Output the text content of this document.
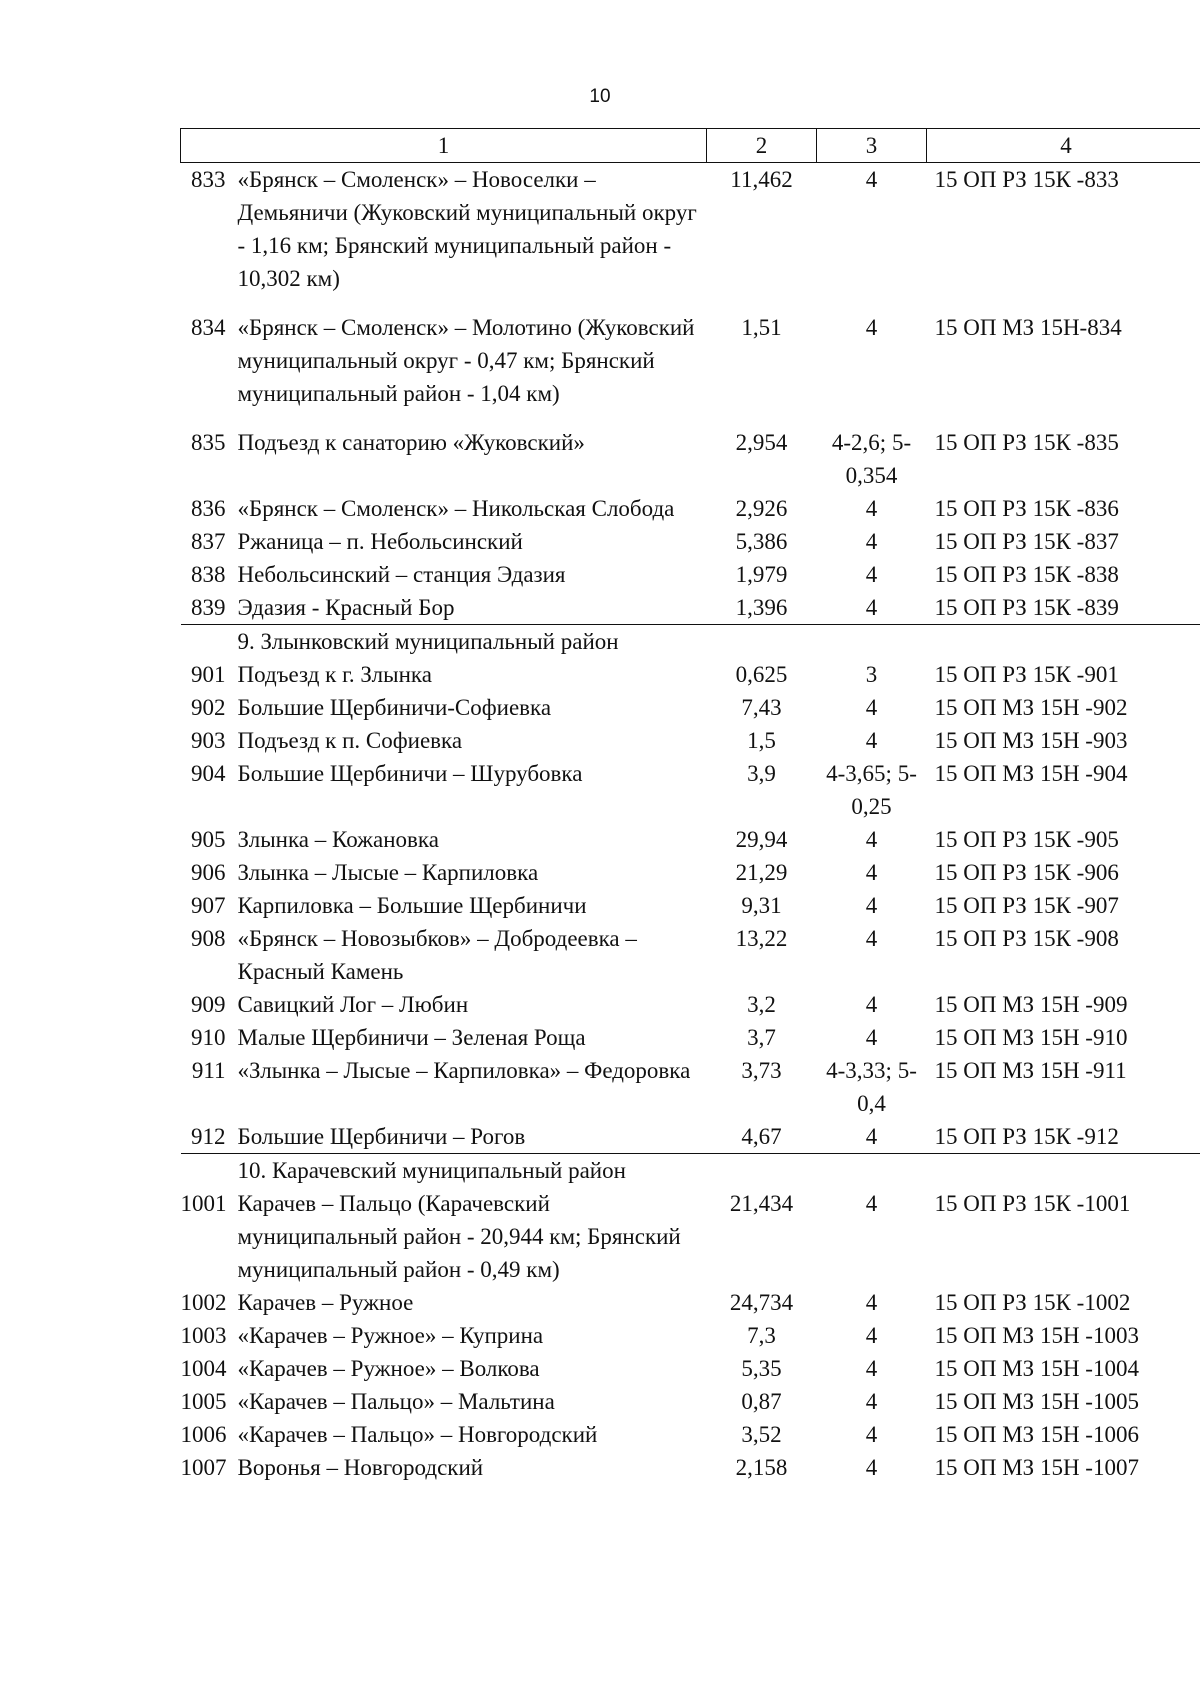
10
1		2	3	4
833	«Брянск – Смоленск» – Новоселки – Демьяничи (Жуковский муниципальный округ - 1,16 км; Брянский муниципальный район - 10,302 км)	11,462	4	15 ОП РЗ 15К -833
834	«Брянск – Смоленск» – Молотино (Жуковский муниципальный округ - 0,47 км; Брянский муниципальный район - 1,04 км)	1,51	4	15 ОП МЗ 15Н-834
835	Подъезд к санаторию «Жуковский»	2,954	4-2,6; 5-0,354	15 ОП РЗ 15К -835
836	«Брянск – Смоленск» – Никольская Слобода	2,926	4	15 ОП РЗ 15К -836
837	Ржаница – п. Небольсинский	5,386	4	15 ОП РЗ 15К -837
838	Небольсинский – станция Эдазия	1,979	4	15 ОП РЗ 15К -838
839	Эдазия - Красный Бор	1,396	4	15 ОП РЗ 15К -839
	9. Злынковский муниципальный район			
901	Подъезд к г. Злынка	0,625	3	15 ОП РЗ 15К -901
902	Большие Щербиничи-Софиевка	7,43	4	15 ОП МЗ 15Н -902
903	Подъезд к п. Софиевка	1,5	4	15 ОП МЗ 15Н -903
904	Большие Щербиничи – Шурубовка	3,9	4-3,65; 5-0,25	15 ОП МЗ 15Н -904
905	Злынка – Кожановка	29,94	4	15 ОП РЗ 15К -905
906	Злынка – Лысые – Карпиловка	21,29	4	15 ОП РЗ 15К -906
907	Карпиловка – Большие Щербиничи	9,31	4	15 ОП РЗ 15К -907
908	«Брянск – Новозыбков» – Добродеевка – Красный Камень	13,22	4	15 ОП РЗ 15К -908
909	Савицкий Лог – Любин	3,2	4	15 ОП МЗ 15Н -909
910	Малые Щербиничи – Зеленая Роща	3,7	4	15 ОП МЗ 15Н -910
911	«Злынка – Лысые – Карпиловка» – Федоровка	3,73	4-3,33; 5-0,4	15 ОП МЗ 15Н -911
912	Большие Щербиничи – Рогов	4,67	4	15 ОП РЗ 15К -912
	10. Карачевский муниципальный район			
1001	Карачев – Пальцо (Карачевский муниципальный район - 20,944 км; Брянский муниципальный район - 0,49 км)	21,434	4	15 ОП РЗ 15К -1001
1002	Карачев – Ружное	24,734	4	15 ОП РЗ 15К -1002
1003	«Карачев – Ружное» – Куприна	7,3	4	15 ОП МЗ 15Н -1003
1004	«Карачев – Ружное» – Волкова	5,35	4	15 ОП МЗ 15Н -1004
1005	«Карачев – Пальцо» – Мальтина	0,87	4	15 ОП МЗ 15Н -1005
1006	«Карачев – Пальцо» – Новгородский	3,52	4	15 ОП МЗ 15Н -1006
1007	Воронья – Новгородский	2,158	4	15 ОП МЗ 15Н -1007
